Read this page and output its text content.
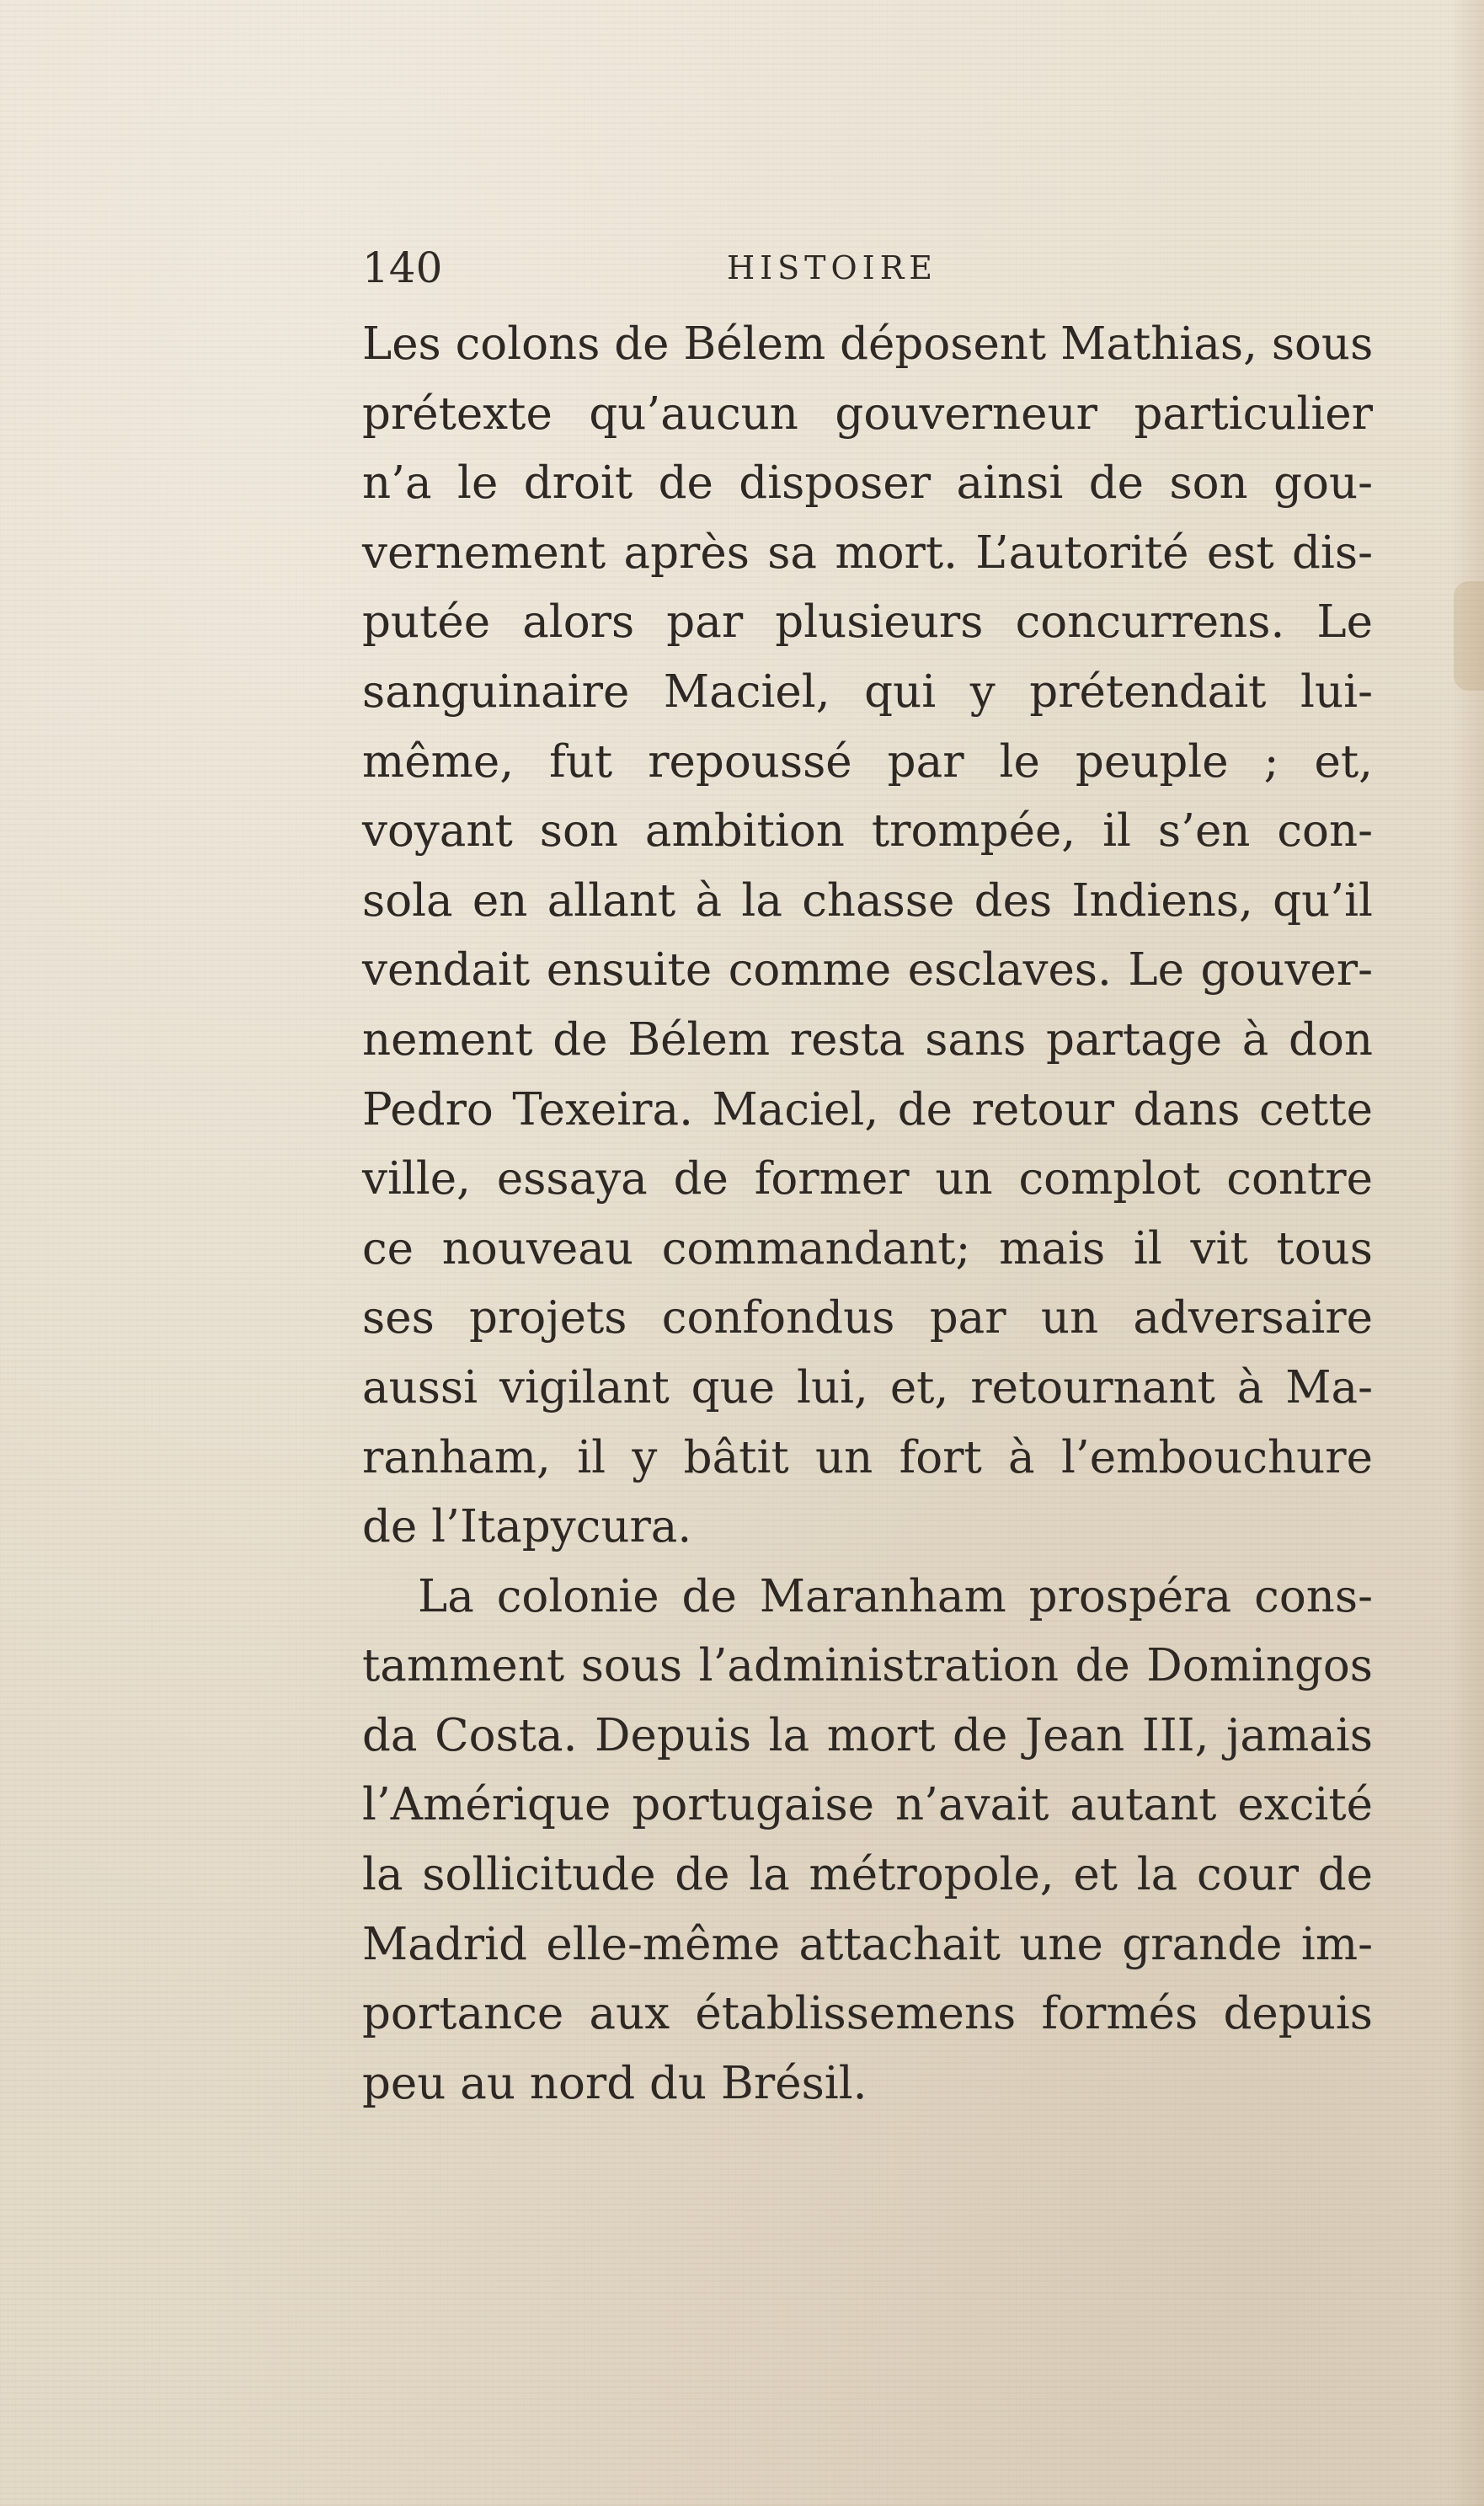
140	HISTOIRE
Les colons de Bélem déposent Mathias, sous
prétexte qu’aucun gouverneur particulier
n’a le droit de disposer ainsi de son gou-
vernement après sa mort. L’autorité est dis-
putée alors par plusieurs concurrens. Le
sanguinaire Maciel, qui y prétendait lui-
même, fut repoussé par le peuple ; et,
voyant son ambition trompée, il s’en con-
sola en allant à la chasse des Indiens, qu’il
vendait ensuite comme esclaves. Le gouver-
nement de Bélem resta sans partage à don
Pedro Texeira. Maciel, de retour dans cette
ville, essaya de former un complot contre
ce nouveau commandant; mais il vit tous
ses projets confondus par un adversaire
aussi vigilant que lui, et, retournant à Ma-
ranham, il y bâtit un fort à l’embouchure
de l’Itapycura.
La colonie de Maranham prospéra cons-
tamment sous l’administration de Domingos
da Costa. Depuis la mort de Jean III, jamais
l’Amérique portugaise n’avait autant excité
la sollicitude de la métropole, et la cour de
Madrid elle-même attachait une grande im-
portance aux établissemens formés depuis
peu au nord du Brésil.
